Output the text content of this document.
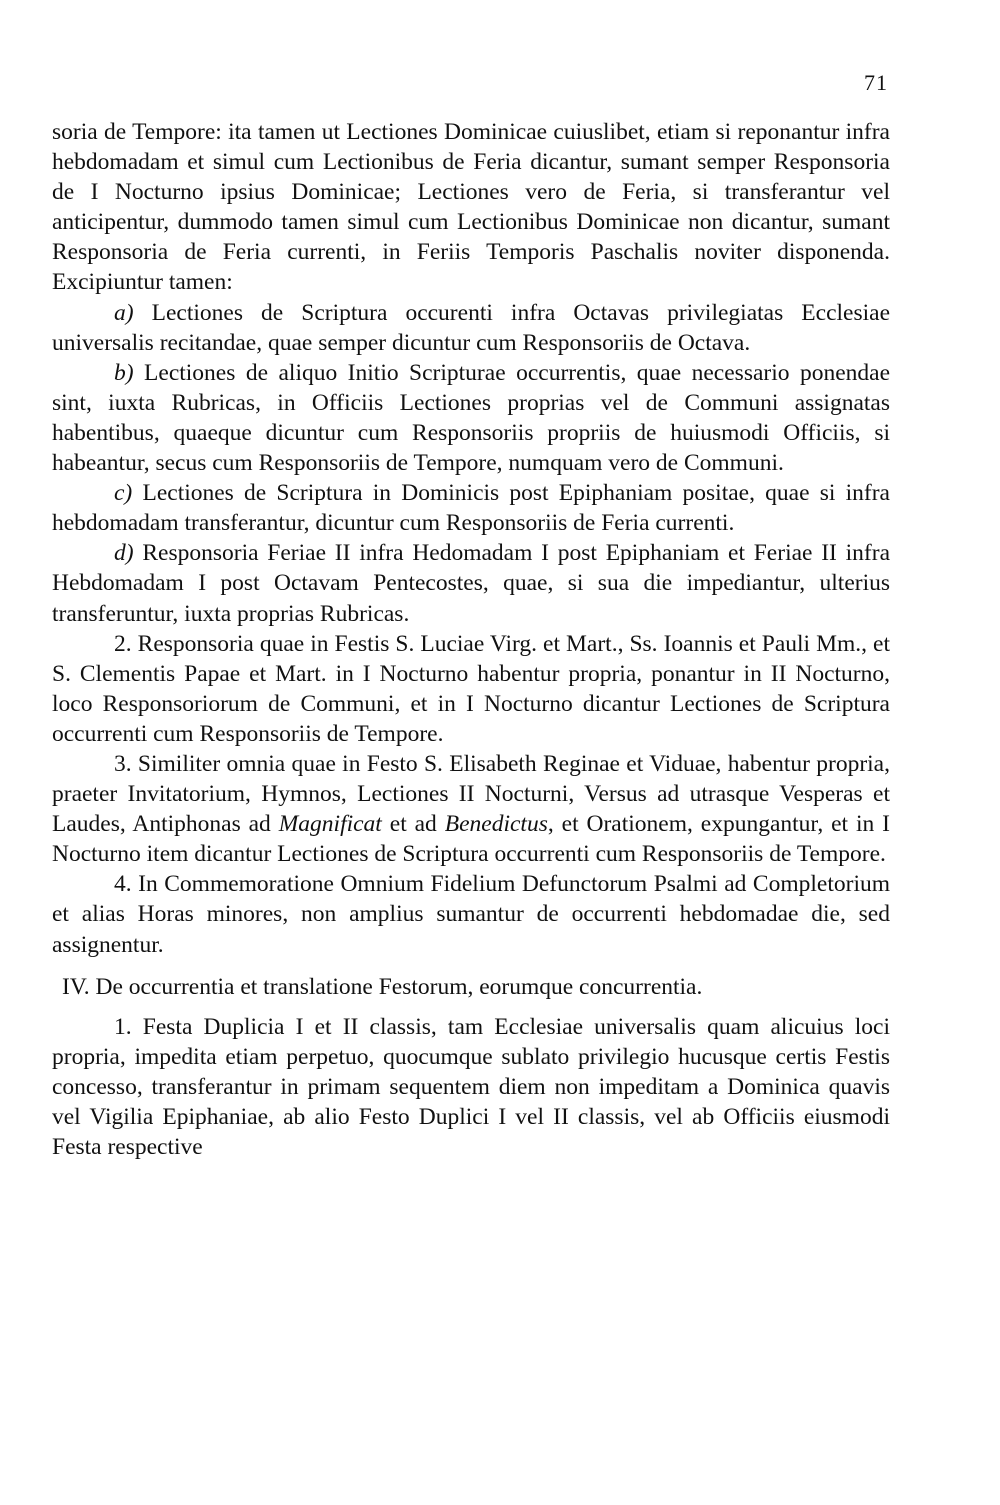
71

soria de Tempore: ita tamen ut Lectiones Dominicae cuiuslibet, etiam si reponantur infra hebdomadam et simul cum Lectionibus de Feria dicantur, sumant semper Responsoria de I Nocturno ipsius Dominicae; Lectiones vero de Feria, si transferantur vel anticipentur, dummodo tamen simul cum Lectionibus Dominicae non dicantur, sumant Responsoria de Feria currenti, in Feriis Temporis Paschalis noviter disponenda. Excipiuntur tamen:

a) Lectiones de Scriptura occurenti infra Octavas privilegiatas Ecclesiae universalis recitandae, quae semper dicuntur cum Responsoriis de Octava.

b) Lectiones de aliquo Initio Scripturae occurrentis, quae necessario ponendae sint, iuxta Rubricas, in Officiis Lectiones proprias vel de Communi assignatas habentibus, quaeque dicuntur cum Responsoriis propriis de huiusmodi Officiis, si habeantur, secus cum Responsoriis de Tempore, numquam vero de Communi.

c) Lectiones de Scriptura in Dominicis post Epiphaniam positae, quae si infra hebdomadam transferantur, dicuntur cum Responsoriis de Feria currenti.

d) Responsoria Feriae II infra Hedomadam I post Epiphaniam et Feriae II infra Hebdomadam I post Octavam Pentecostes, quae, si sua die impediantur, ulterius transferuntur, iuxta proprias Rubricas.

2. Responsoria quae in Festis S. Luciae Virg. et Mart., Ss. Ioannis et Pauli Mm., et S. Clementis Papae et Mart. in I Nocturno habentur propria, ponantur in II Nocturno, loco Responsoriorum de Communi, et in I Nocturno dicantur Lectiones de Scriptura occurrenti cum Responsoriis de Tempore.

3. Similiter omnia quae in Festo S. Elisabeth Reginae et Viduae, habentur propria, praeter Invitatorium, Hymnos, Lectiones II Nocturni, Versus ad utrasque Vesperas et Laudes, Antiphonas ad Magnificat et ad Benedictus, et Orationem, expungantur, et in I Nocturno item dicantur Lectiones de Scriptura occurrenti cum Responsoriis de Tempore.

4. In Commemoratione Omnium Fidelium Defunctorum Psalmi ad Completorium et alias Horas minores, non amplius sumantur de occurrenti hebdomadae die, sed assignentur.

IV. De occurrentia et translatione Festorum, eorumque concurrentia.

1. Festa Duplicia I et II classis, tam Ecclesiae universalis quam alicuius loci propria, impedita etiam perpetuo, quocumque sublato privilegio hucusque certis Festis concesso, transferantur in primam sequentem diem non impeditam a Dominica quavis vel Vigilia Epiphaniae, ab alio Festo Duplici I vel II classis, vel ab Officiis eiusmodi Festa respective
